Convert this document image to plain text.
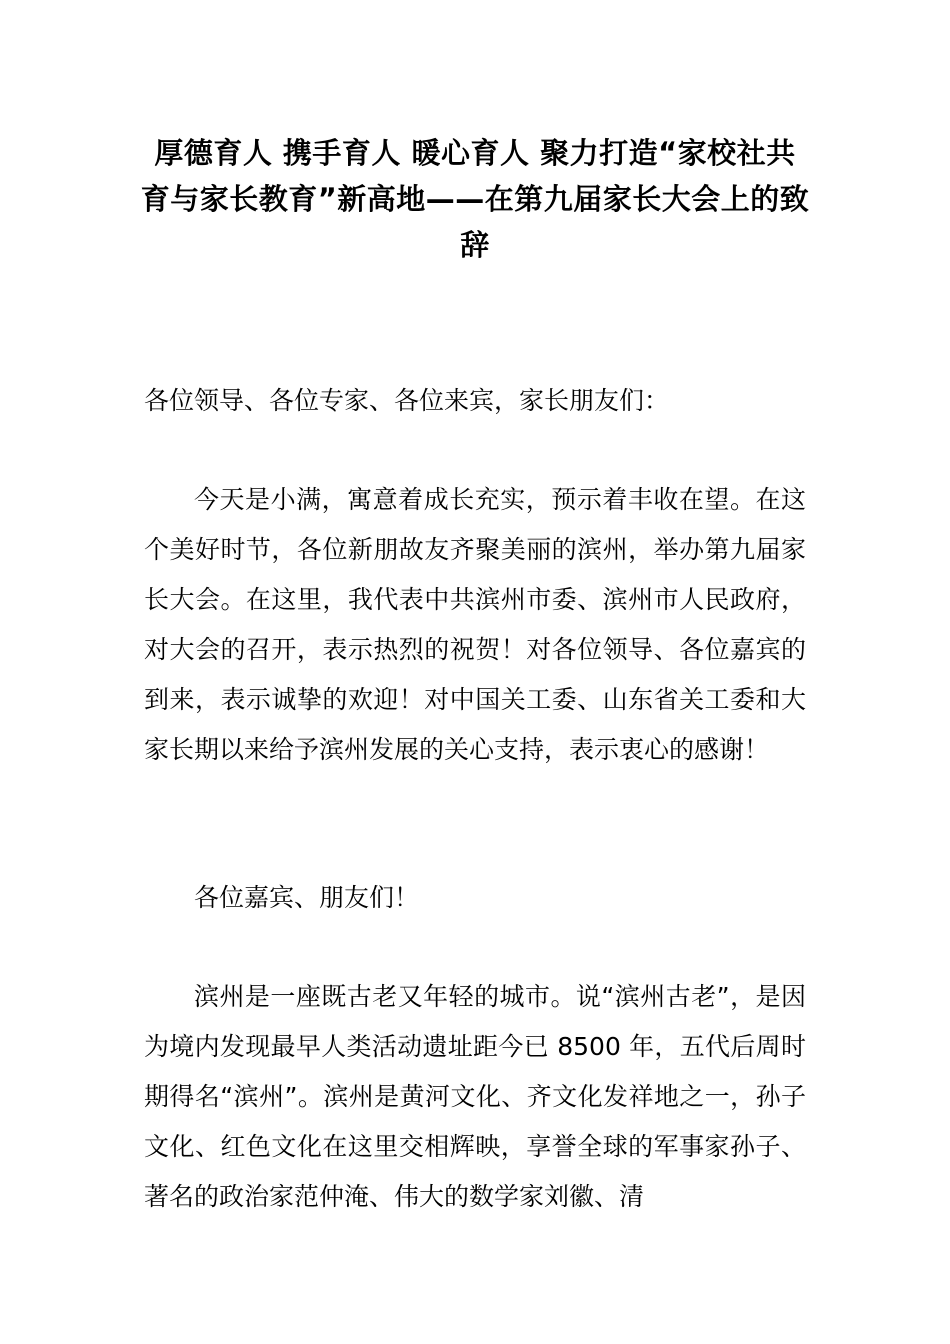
厚德育人 携手育人 暖心育人 聚力打造“家校社共育与家长教育”新高地——在第九届家长大会上的致辞

各位领导、各位专家、各位来宾，家长朋友们：

今天是小满，寓意着成长充实，预示着丰收在望。在这个美好时节，各位新朋故友齐聚美丽的滨州，举办第九届家长大会。在这里，我代表中共滨州市委、滨州市人民政府，对大会的召开，表示热烈的祝贺！对各位领导、各位嘉宾的到来，表示诚挚的欢迎！对中国关工委、山东省关工委和大家长期以来给予滨州发展的关心支持，表示衷心的感谢！

各位嘉宾、朋友们！

滨州是一座既古老又年轻的城市。说“滨州古老”，是因为境内发现最早人类活动遗址距今已 8500 年，五代后周时期得名“滨州”。滨州是黄河文化、齐文化发祥地之一，孙子文化、红色文化在这里交相辉映，享誉全球的军事家孙子、著名的政治家范仲淹、伟大的数学家刘徽、清
